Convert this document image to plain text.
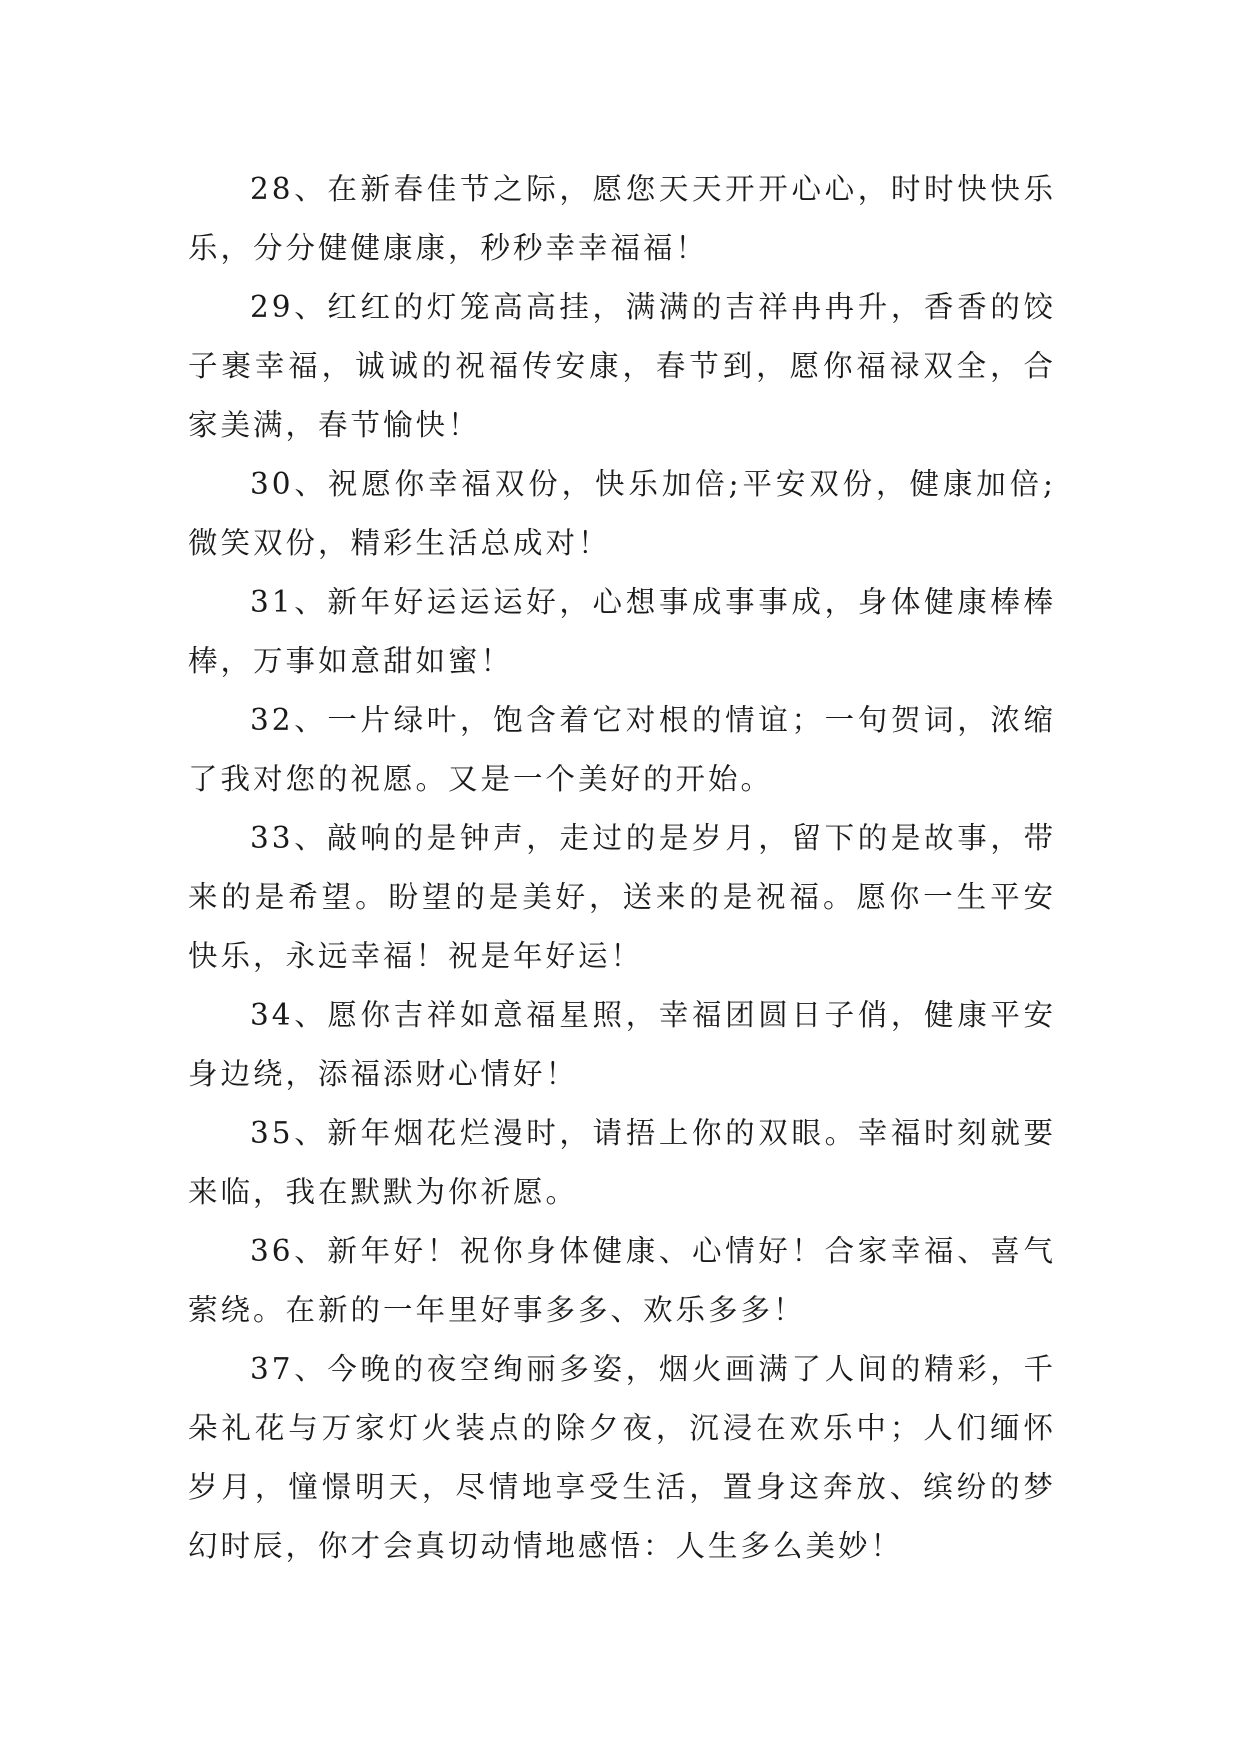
28、在新春佳节之际，愿您天天开开心心，时时快快乐乐，分分健健康康，秒秒幸幸福福！

29、红红的灯笼高高挂，满满的吉祥冉冉升，香香的饺子裹幸福，诚诚的祝福传安康，春节到，愿你福禄双全，合家美满，春节愉快！

30、祝愿你幸福双份，快乐加倍;平安双份，健康加倍;微笑双份，精彩生活总成对！

31、新年好运运运好，心想事成事事成，身体健康棒棒棒，万事如意甜如蜜！

32、一片绿叶，饱含着它对根的情谊；一句贺词，浓缩了我对您的祝愿。又是一个美好的开始。

33、敲响的是钟声，走过的是岁月，留下的是故事，带来的是希望。盼望的是美好，送来的是祝福。愿你一生平安快乐，永远幸福！祝是年好运！

34、愿你吉祥如意福星照，幸福团圆日子俏，健康平安身边绕，添福添财心情好！

35、新年烟花烂漫时，请捂上你的双眼。幸福时刻就要来临，我在默默为你祈愿。

36、新年好！祝你身体健康、心情好！合家幸福、喜气萦绕。在新的一年里好事多多、欢乐多多！

37、今晚的夜空绚丽多姿，烟火画满了人间的精彩，千朵礼花与万家灯火装点的除夕夜，沉浸在欢乐中；人们缅怀岁月，憧憬明天，尽情地享受生活，置身这奔放、缤纷的梦幻时辰，你才会真切动情地感悟：人生多么美妙！
